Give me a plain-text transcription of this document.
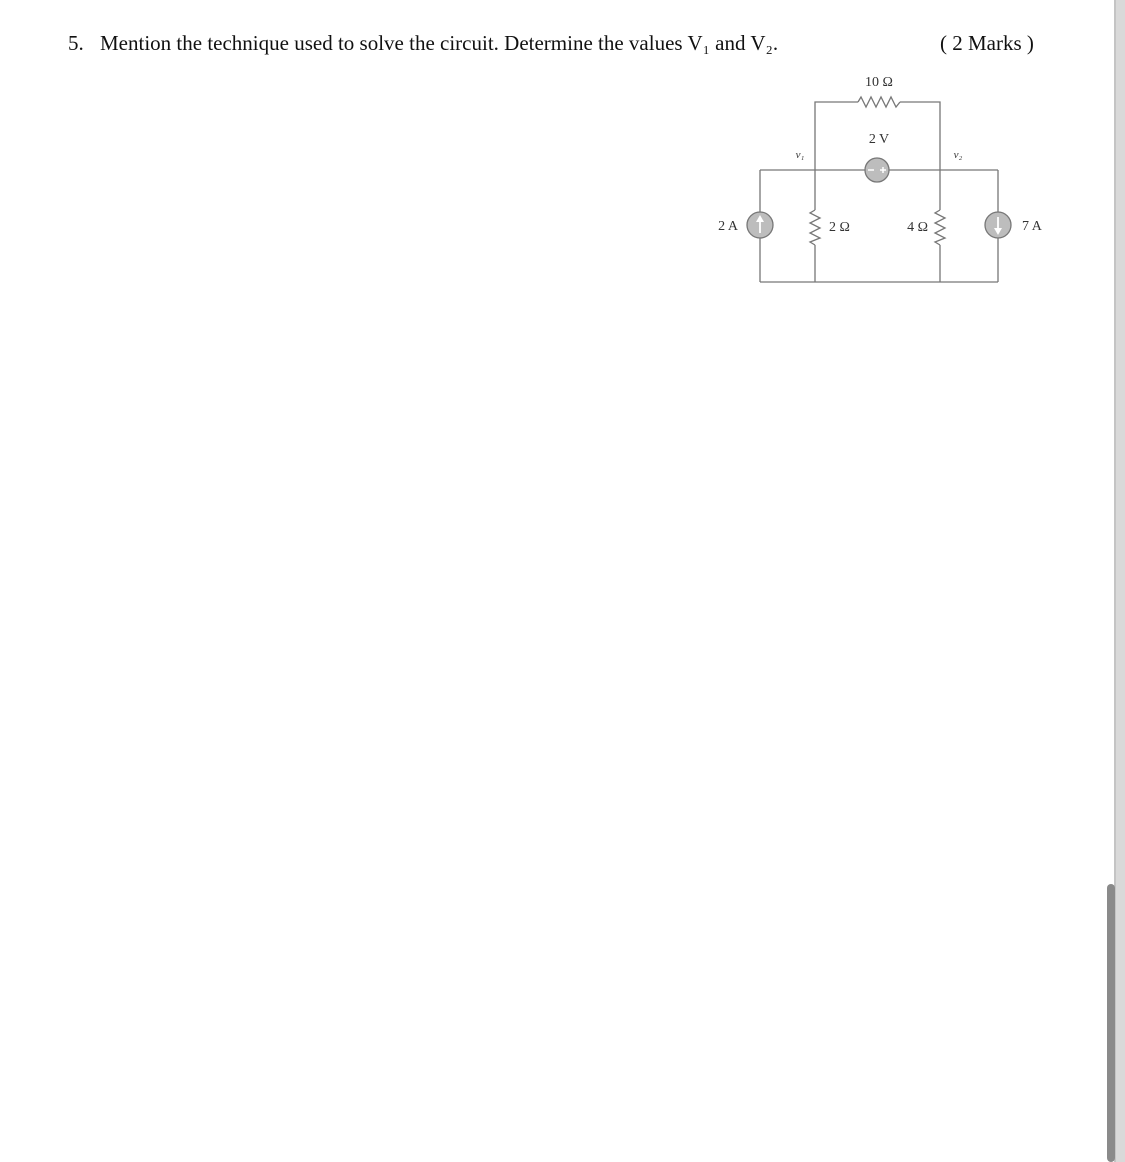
5. Mention the technique used to solve the circuit. Determine the values V₁ and V₂.	( 2 Marks )
10 Ω
2 V
v₁	v₂
2 A	2 Ω	4 Ω	7 A
